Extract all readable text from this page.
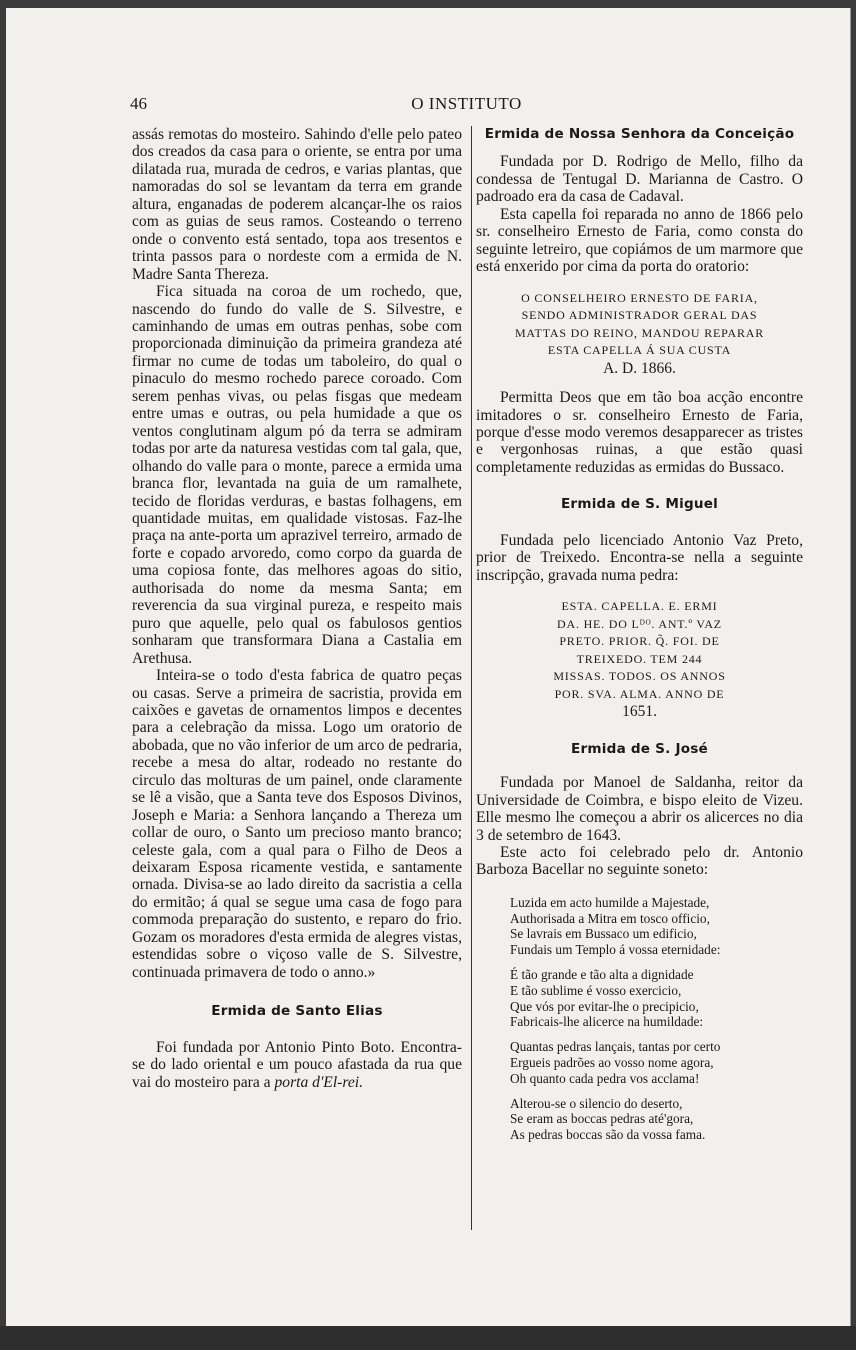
46	O INSTITUTO

assás remotas do mosteiro. Sahindo d'elle pelo pateo dos creados da casa para o oriente, se entra por uma dilatada rua, murada de cedros, e varias plantas, que namoradas do sol se levantam da terra em grande altura, enganadas de poderem alcançar-lhe os raios com as guias de seus ramos. Costeando o terreno onde o convento está sentado, topa aos tresentos e trinta passos para o nordeste com a ermida de N. Madre Santa Thereza.

Fica situada na coroa de um rochedo, que, nascendo do fundo do valle de S. Silvestre, e caminhando de umas em outras penhas, sobe com proporcionada diminuição da primeira grandeza até firmar no cume de todas um taboleiro, do qual o pinaculo do mesmo rochedo parece coroado. Com serem penhas vivas, ou pelas fisgas que medeam entre umas e outras, ou pela humidade a que os ventos conglutinam algum pó da terra se admiram todas por arte da naturesa vestidas com tal gala, que, olhando do valle para o monte, parece a ermida uma branca flor, levantada na guia de um ramalhete, tecido de floridas verduras, e bastas folhagens, em quantidade muitas, em qualidade vistosas. Faz-lhe praça na ante-porta um aprazivel terreiro, armado de forte e copado arvoredo, como corpo da guarda de uma copiosa fonte, das melhores agoas do sitio, authorisada do nome da mesma Santa; em reverencia da sua virginal pureza, e respeito mais puro que aquelle, pelo qual os fabulosos gentios sonharam que transformara Diana a Castalia em Arethusa.

Inteira-se o todo d'esta fabrica de quatro peças ou casas. Serve a primeira de sacristia, provida em caixões e gavetas de ornamentos limpos e decentes para a celebração da missa. Logo um oratorio de abobada, que no vão inferior de um arco de pedraria, recebe a mesa do altar, rodeado no restante do circulo das molturas de um painel, onde claramente se lê a visão, que a Santa teve dos Esposos Divinos, Joseph e Maria: a Senhora lançando a Thereza um collar de ouro, o Santo um precioso manto branco; celeste gala, com a qual para o Filho de Deos a deixaram Esposa ricamente vestida, e santamente ornada. Divisa-se ao lado direito da sacristia a cella do ermitão; á qual se segue uma casa de fogo para commoda preparação do sustento, e reparo do frio. Gozam os moradores d'esta ermida de alegres vistas, estendidas sobre o viçoso valle de S. Silvestre, continuada primavera de todo o anno.»

Ermida de Santo Elias

Foi fundada por Antonio Pinto Boto. Encontra-se do lado oriental e um pouco afastada da rua que vai do mosteiro para a porta d'El-rei.

Ermida de Nossa Senhora da Conceição

Fundada por D. Rodrigo de Mello, filho da condessa de Tentugal D. Marianna de Castro. O padroado era da casa de Cadaval.

Esta capella foi reparada no anno de 1866 pelo sr. conselheiro Ernesto de Faria, como consta do seguinte letreiro, que copiámos de um marmore que está enxerido por cima da porta do oratorio:

O CONSELHEIRO ERNESTO DE FARIA,
SENDO ADMINISTRADOR GERAL DAS
MATTAS DO REINO, MANDOU REPARAR
ESTA CAPELLA Á SUA CUSTA
A. D. 1866.

Permitta Deos que em tão boa acção encontre imitadores o sr. conselheiro Ernesto de Faria, porque d'esse modo veremos desapparecer as tristes e vergonhosas ruinas, a que estão quasi completamente reduzidas as ermidas do Bussaco.

Ermida de S. Miguel

Fundada pelo licenciado Antonio Vaz Preto, prior de Treixedo. Encontra-se nella a seguinte inscripção, gravada numa pedra:

ESTA. CAPELLA. E. ERMI
DA. HE. DO Lᴰᴼ. ANT.º VAZ
PRETO. PRIOR. Q̃. FOI. DE
TREIXEDO. TEM 244
MISSAS. TODOS. OS ANNOS
POR. SVA. ALMA. ANNO DE
1651.
Ermida de S. José

Fundada por Manoel de Saldanha, reitor da Universidade de Coimbra, e bispo eleito de Vizeu. Elle mesmo lhe começou a abrir os alicerces no dia 3 de setembro de 1643.

Este acto foi celebrado pelo dr. Antonio Barboza Bacellar no seguinte soneto:

Luzida em acto humilde a Majestade,
Authorisada a Mitra em tosco officio,
Se lavrais em Bussaco um edificio,
Fundais um Templo á vossa eternidade:
É tão grande e tão alta a dignidade
E tão sublime é vosso exercicio,
Que vós por evitar-lhe o precipicio,
Fabricais-lhe alicerce na humildade:
Quantas pedras lançais, tantas por certo
Ergueis padrões ao vosso nome agora,
Oh quanto cada pedra vos acclama!
Alterou-se o silencio do deserto,
Se eram as boccas pedras até'gora,
As pedras boccas são da vossa fama.
